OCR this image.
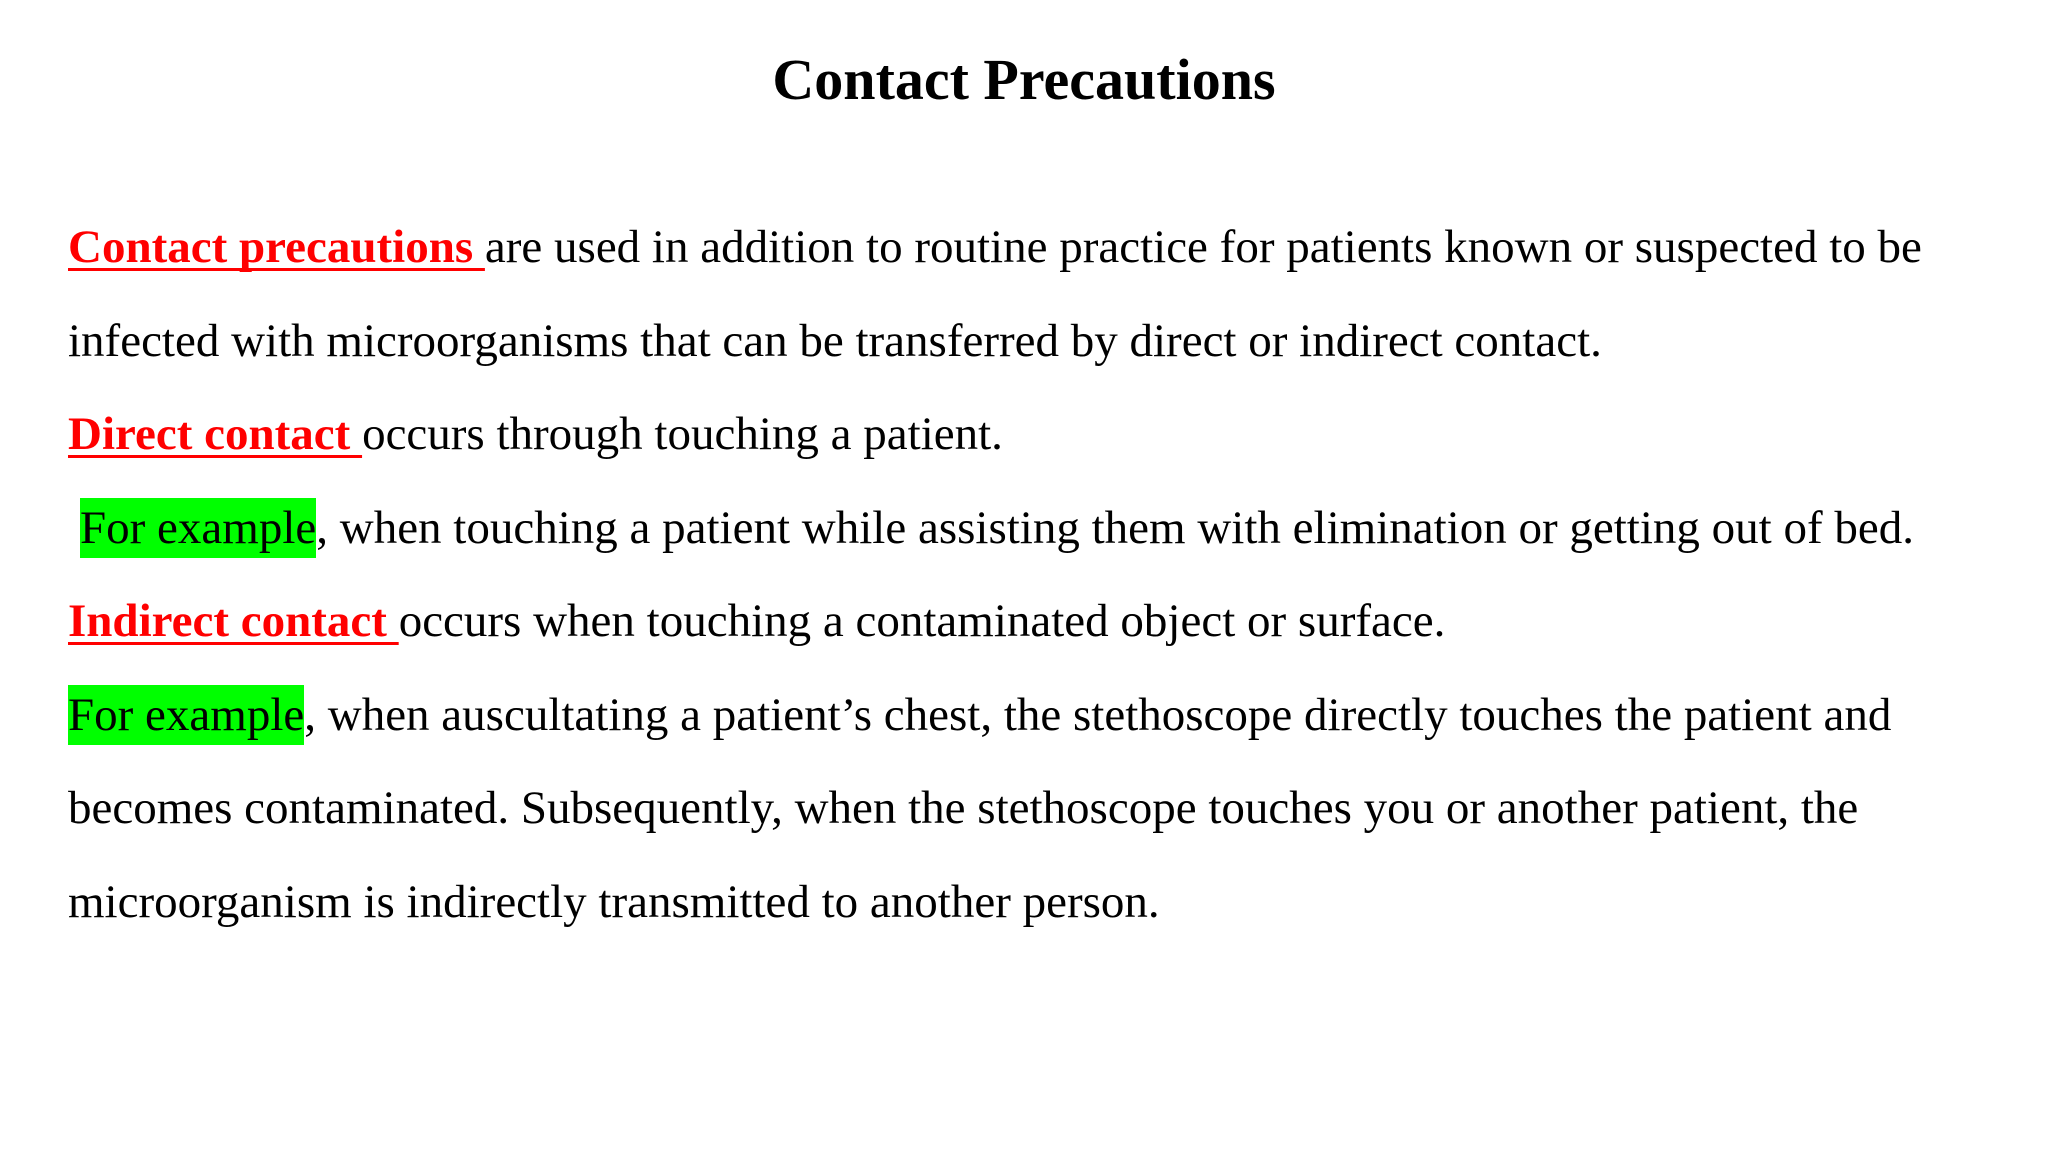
Contact Precautions

Contact precautions are used in addition to routine practice for patients known or suspected to be infected with microorganisms that can be transferred by direct or indirect contact.

Direct contact occurs through touching a patient.

For example, when touching a patient while assisting them with elimination or getting out of bed.

Indirect contact occurs when touching a contaminated object or surface.

For example, when auscultating a patient’s chest, the stethoscope directly touches the patient and becomes contaminated. Subsequently, when the stethoscope touches you or another patient, the microorganism is indirectly transmitted to another person.
